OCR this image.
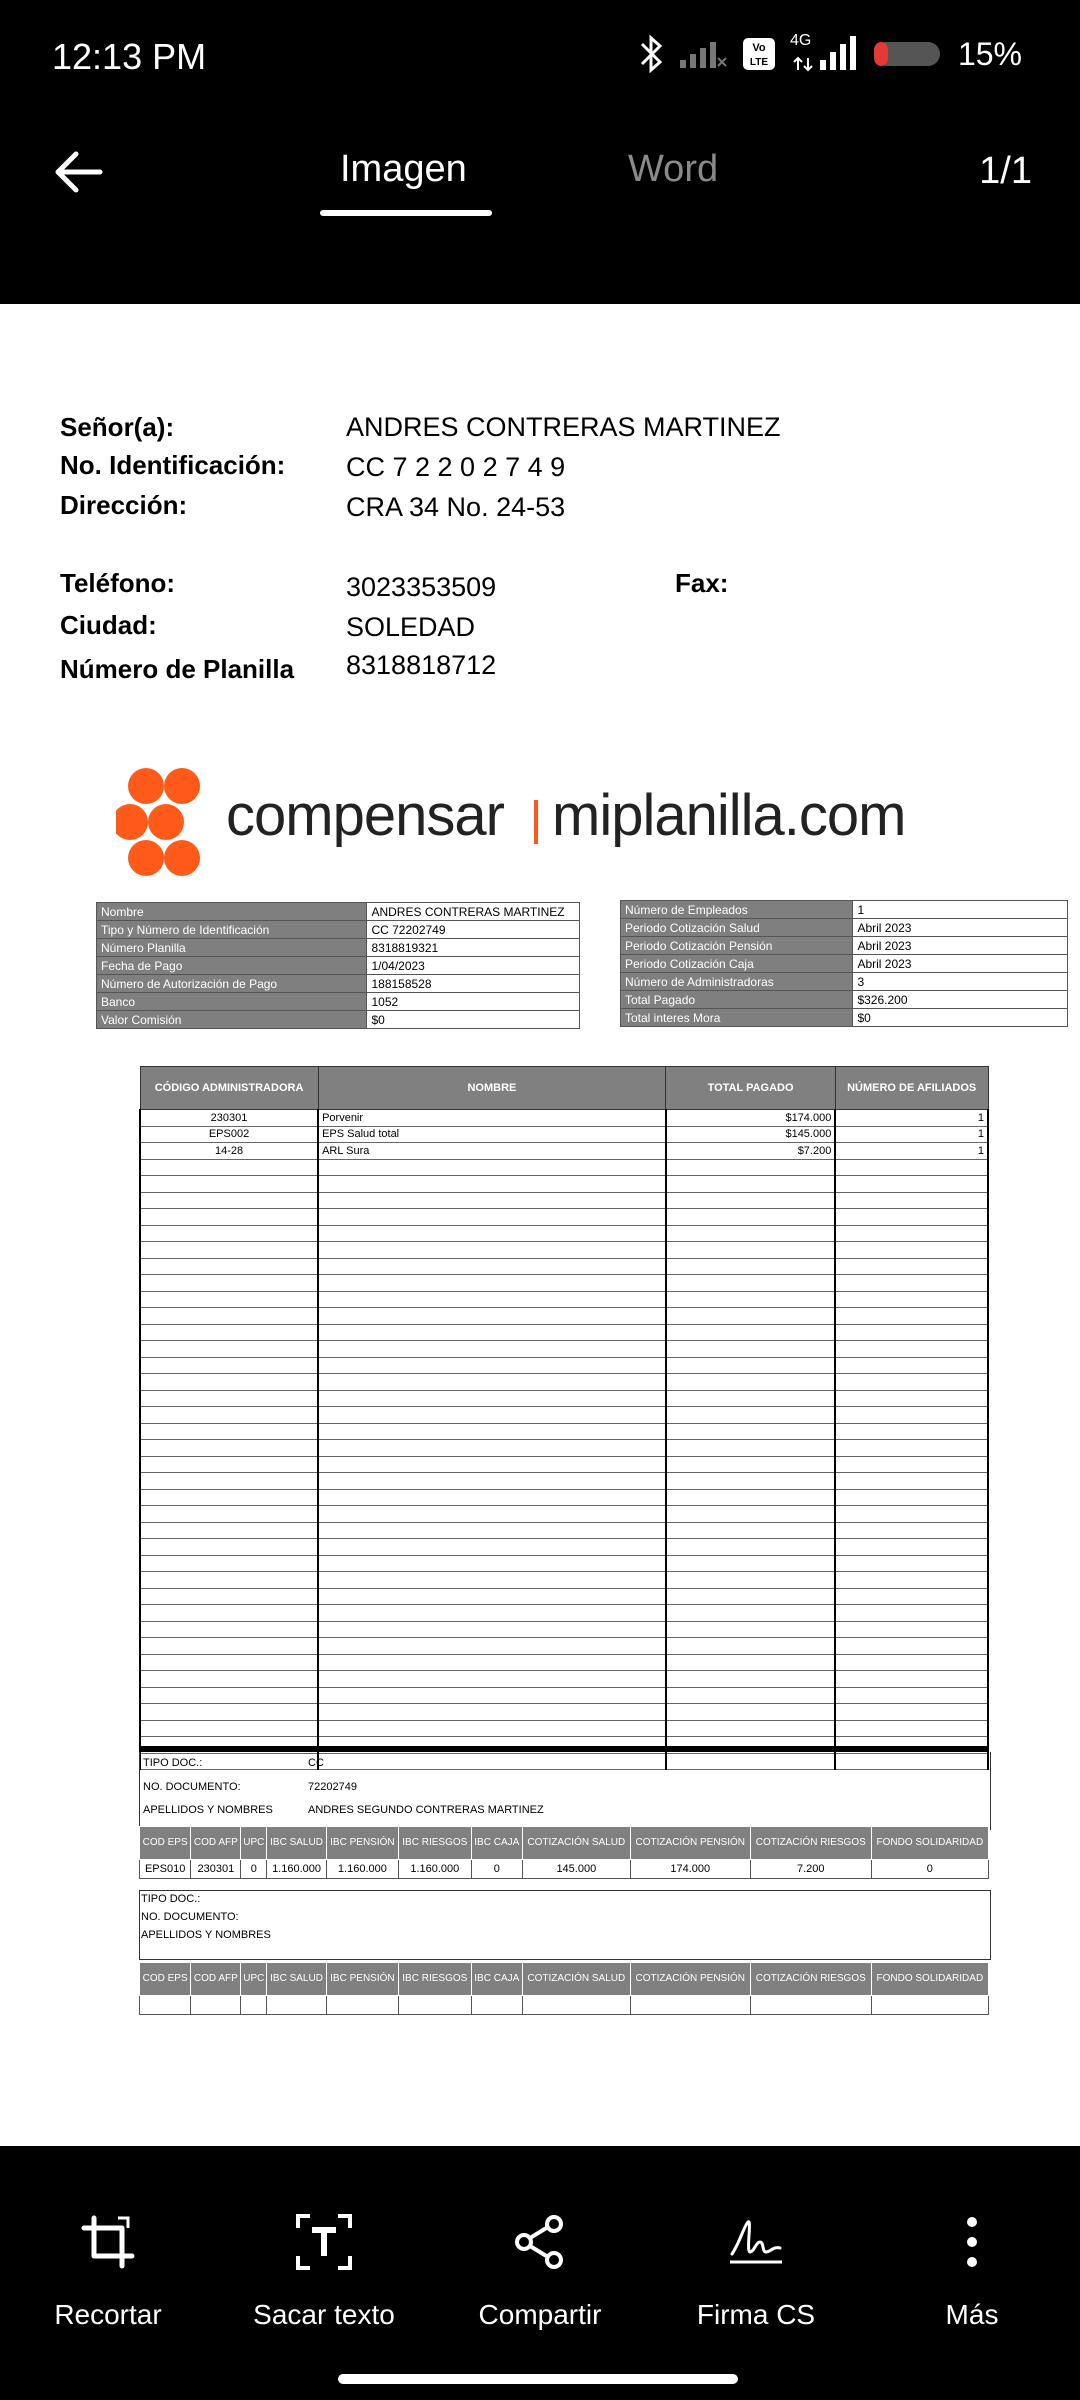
12:13 PM	Vo
LTE
4G	15%
Imagen	Word	1/1
Señor(a):	ANDRES CONTRERAS MARTINEZ
No. Identificación: CC 7 2 2 0 2 7 4 9
Dirección:	CRA 34 No. 24-53
Teléfono:	3023353509	Fax:
Ciudad:	SOLEDAD
Número de Planilla 8318818712
compensar miplanilla.com
Nombre	ANDRES CONTRERAS MARTINEZ
Tipo y Número de Identificación	CC 72202749
Número Planilla	8318819321
Fecha de Pago	1/04/2023
Número de Autorización de Pago	188158528
Banco	1052
Valor Comisión	$0
Número de Empleados	1
Periodo Cotización Salud	Abril 2023
Periodo Cotización Pensión	Abril 2023
Periodo Cotización Caja	Abril 2023
Número de Administradoras	3
Total Pagado	$326.200
Total interes Mora	$0
CÓDIGO ADMINISTRADORA	NOMBRE	TOTAL PAGADO	NÚMERO DE AFILIADOS
230301	Porvenir	$174.000	1
EPS002	EPS Salud total	$145.000	1
14-28	ARL Sura	$7.200	1

TIPO DOC.:	CC
NO. DOCUMENTO:	72202749
APELLIDOS Y NOMBRES	ANDRES SEGUNDO CONTRERAS MARTINEZ
COD EPS	COD AFP	UPC	IBC SALUD	IBC PENSIÓN	IBC RIESGOS	IBC CAJA	COTIZACIÓN SALUD	COTIZACIÓN PENSIÓN	COTIZACIÓN RIESGOS	FONDO SOLIDARIDAD
EPS010	230301	0	1.160.000	1.160.000	1.160.000	0	145.000	174.000	7.200	0
TIPO DOC.:
NO. DOCUMENTO:
APELLIDOS Y NOMBRES
COD EPS	COD AFP	UPC	IBC SALUD	IBC PENSIÓN	IBC RIESGOS	IBC CAJA	COTIZACIÓN SALUD	COTIZACIÓN PENSIÓN	COTIZACIÓN RIESGOS	FONDO SOLIDARIDAD

Recortar	Sacar texto	Compartir	Firma CS	Más
